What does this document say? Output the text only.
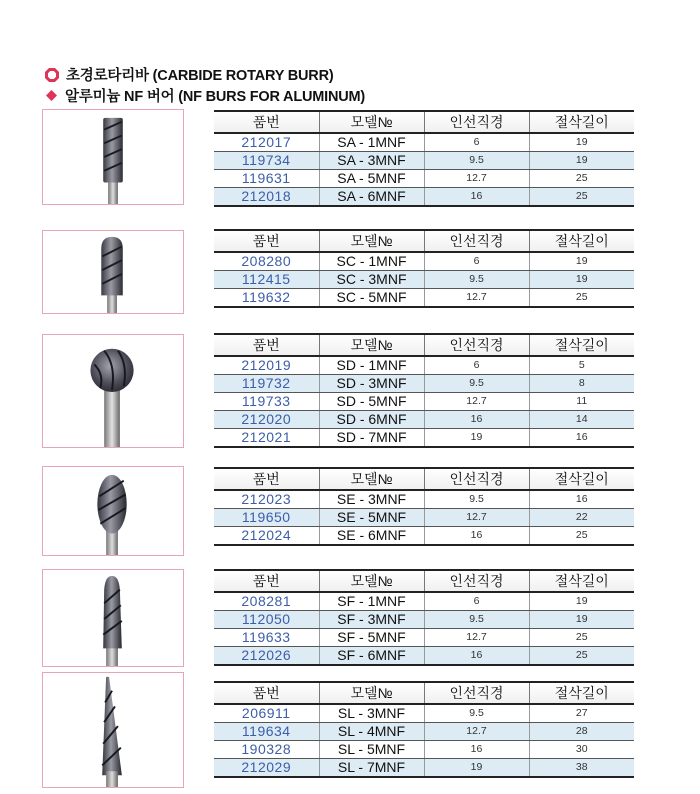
초경로타리바 (CARBIDE ROTARY BURR)
알루미늄 NF 버어 (NF BURS FOR ALUMINUM)
품번	모델№	인선직경	절삭길이
212017	SA - 1MNF	6	19
119734	SA - 3MNF	9.5	19
119631	SA - 5MNF	12.7	25
212018	SA - 6MNF	16	25
품번	모델№	인선직경	절삭길이
208280	SC - 1MNF	6	19
112415	SC - 3MNF	9.5	19
119632	SC - 5MNF	12.7	25
품번	모델№	인선직경	절삭길이
212019	SD - 1MNF	6	5
119732	SD - 3MNF	9.5	8
119733	SD - 5MNF	12.7	11
212020	SD - 6MNF	16	14
212021	SD - 7MNF	19	16
품번	모델№	인선직경	절삭길이
212023	SE - 3MNF	9.5	16
119650	SE - 5MNF	12.7	22
212024	SE - 6MNF	16	25
품번	모델№	인선직경	절삭길이
208281	SF - 1MNF	6	19
112050	SF - 3MNF	9.5	19
119633	SF - 5MNF	12.7	25
212026	SF - 6MNF	16	25
품번	모델№	인선직경	절삭길이
206911	SL - 3MNF	9.5	27
119634	SL - 4MNF	12.7	28
190328	SL - 5MNF	16	30
212029	SL - 7MNF	19	38
